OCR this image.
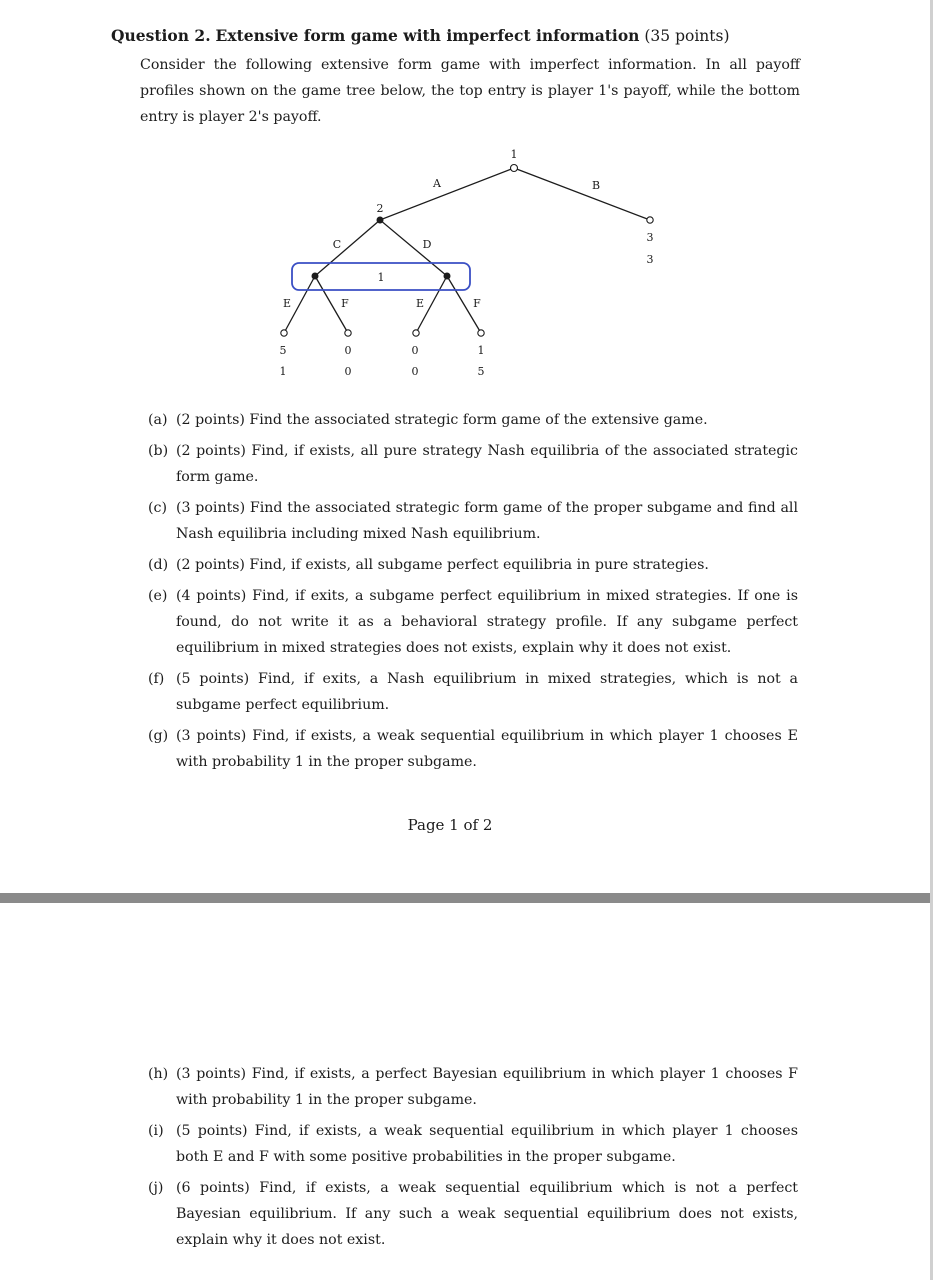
Question 2. Extensive form game with imperfect information (35 points)

Consider the following extensive form game with imperfect information. In all payoff profiles shown on the game tree below, the top entry is player 1's payoff, while the bottom entry is player 2's payoff.

1
A	B
2
C	D
1
E	F	E	F
3
3
5
1
0
0
0
0
1
5
(a) (2 points) Find the associated strategic form game of the extensive game.
(b) (2 points) Find, if exists, all pure strategy Nash equilibria of the associated strategic form game.
(c) (3 points) Find the associated strategic form game of the proper subgame and find all Nash equilibria including mixed Nash equilibrium.
(d) (2 points) Find, if exists, all subgame perfect equilibria in pure strategies.
(e) (4 points) Find, if exits, a subgame perfect equilibrium in mixed strategies. If one is found, do not write it as a behavioral strategy profile. If any subgame perfect equilibrium in mixed strategies does not exists, explain why it does not exist.
(f) (5 points) Find, if exits, a Nash equilibrium in mixed strategies, which is not a subgame perfect equilibrium.
(g) (3 points) Find, if exists, a weak sequential equilibrium in which player 1 chooses E with probability 1 in the proper subgame.
Page 1 of 2
(h) (3 points) Find, if exists, a perfect Bayesian equilibrium in which player 1 chooses F with probability 1 in the proper subgame.
(i) (5 points) Find, if exists, a weak sequential equilibrium in which player 1 chooses both E and F with some positive probabilities in the proper subgame.
(j) (6 points) Find, if exists, a weak sequential equilibrium which is not a perfect Bayesian equilibrium. If any such a weak sequential equilibrium does not exists, explain why it does not exist.
